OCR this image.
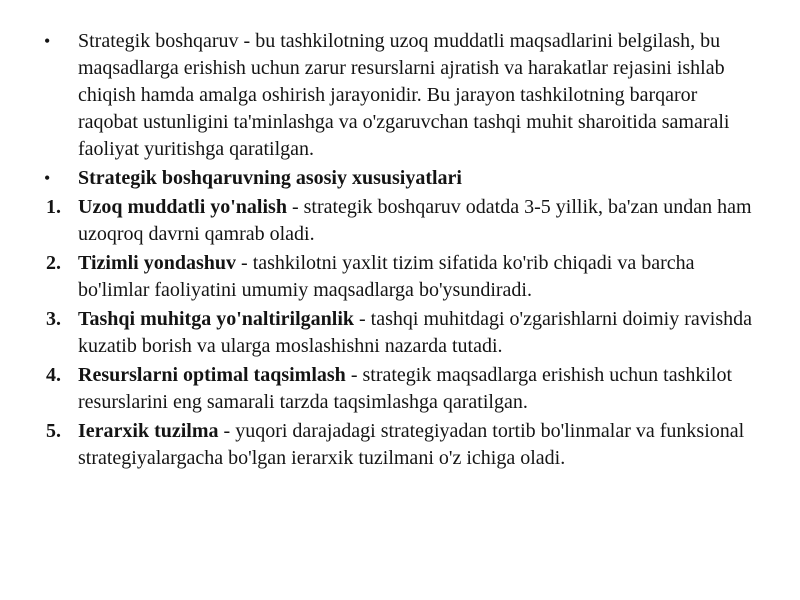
•	Strategik boshqaruv - bu tashkilotning uzoq muddatli maqsadlarini belgilash, bu maqsadlarga erishish uchun zarur resurslarni ajratish va harakatlar rejasini ishlab chiqish hamda amalga oshirish jarayonidir. Bu jarayon tashkilotning barqaror raqobat ustunligini ta'minlashga va o'zgaruvchan tashqi muhit sharoitida samarali faoliyat yuritishga qaratilgan.
•	Strategik boshqaruvning asosiy xususiyatlari
1. Uzoq muddatli yo'nalish - strategik boshqaruv odatda 3-5 yillik, ba'zan undan ham uzoqroq davrni qamrab oladi.
2. Tizimli yondashuv - tashkilotni yaxlit tizim sifatida ko'rib chiqadi va barcha bo'limlar faoliyatini umumiy maqsadlarga bo'ysundiradi.
3. Tashqi muhitga yo'naltirilganlik - tashqi muhitdagi o'zgarishlarni doimiy ravishda kuzatib borish va ularga moslashishni nazarda tutadi.
4. Resurslarni optimal taqsimlash - strategik maqsadlarga erishish uchun tashkilot resurslarini eng samarali tarzda taqsimlashga qaratilgan.
5. Ierarxik tuzilma - yuqori darajadagi strategiyadan tortib bo'linmalar va funksional strategiyalargacha bo'lgan ierarxik tuzilmani o'z ichiga oladi.
